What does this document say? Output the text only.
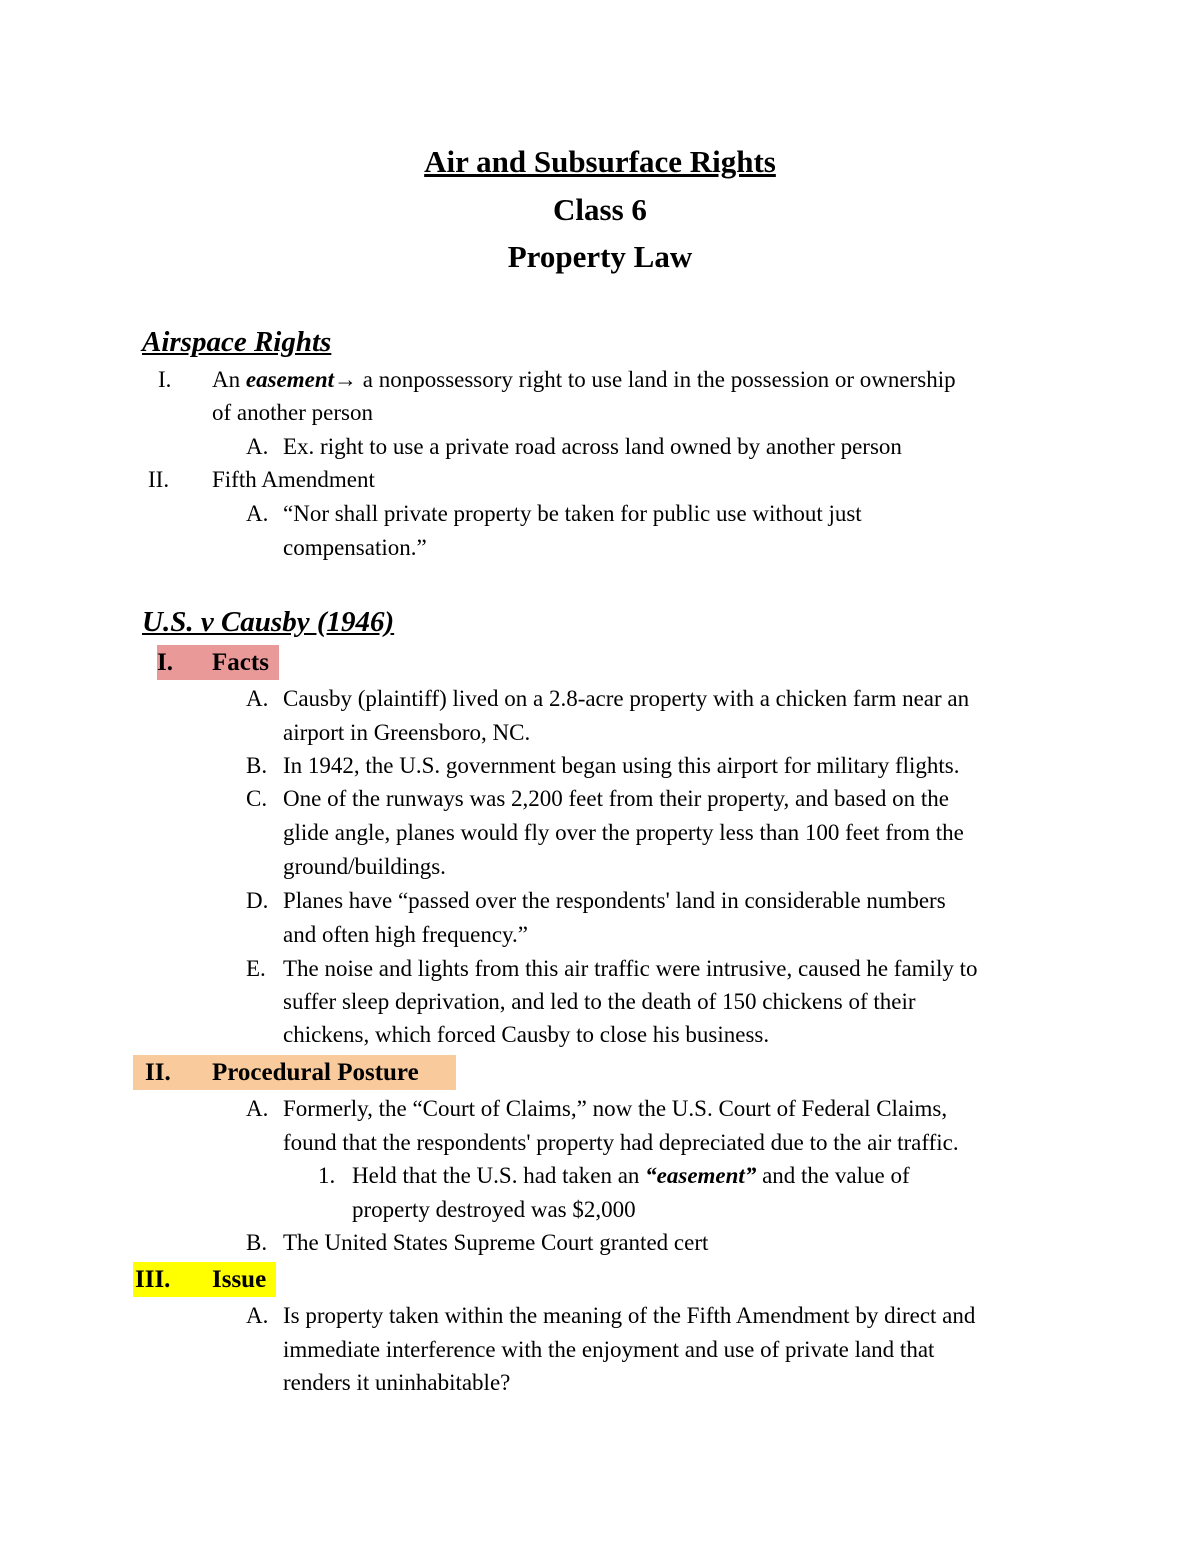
Air and Subsurface Rights
Class 6
Property Law
Airspace Rights
I. An easement→ a nonpossessory right to use land in the possession or ownership
of another person
A. Ex. right to use a private road across land owned by another person
II. Fifth Amendment
A. “Nor shall private property be taken for public use without just
compensation.”
U.S. v Causby (1946)
I. Facts
A. Causby (plaintiff) lived on a 2.8-acre property with a chicken farm near an
airport in Greensboro, NC.
B. In 1942, the U.S. government began using this airport for military flights.
C. One of the runways was 2,200 feet from their property, and based on the
glide angle, planes would fly over the property less than 100 feet from the
ground/buildings.
D. Planes have “passed over the respondents' land in considerable numbers
and often high frequency.”
E. The noise and lights from this air traffic were intrusive, caused he family to
suffer sleep deprivation, and led to the death of 150 chickens of their
chickens, which forced Causby to close his business.
II. Procedural Posture
A. Formerly, the “Court of Claims,” now the U.S. Court of Federal Claims,
found that the respondents' property had depreciated due to the air traffic.
1. Held that the U.S. had taken an “easement” and the value of
property destroyed was $2,000
B. The United States Supreme Court granted cert
III. Issue
A. Is property taken within the meaning of the Fifth Amendment by direct and
immediate interference with the enjoyment and use of private land that
renders it uninhabitable?
